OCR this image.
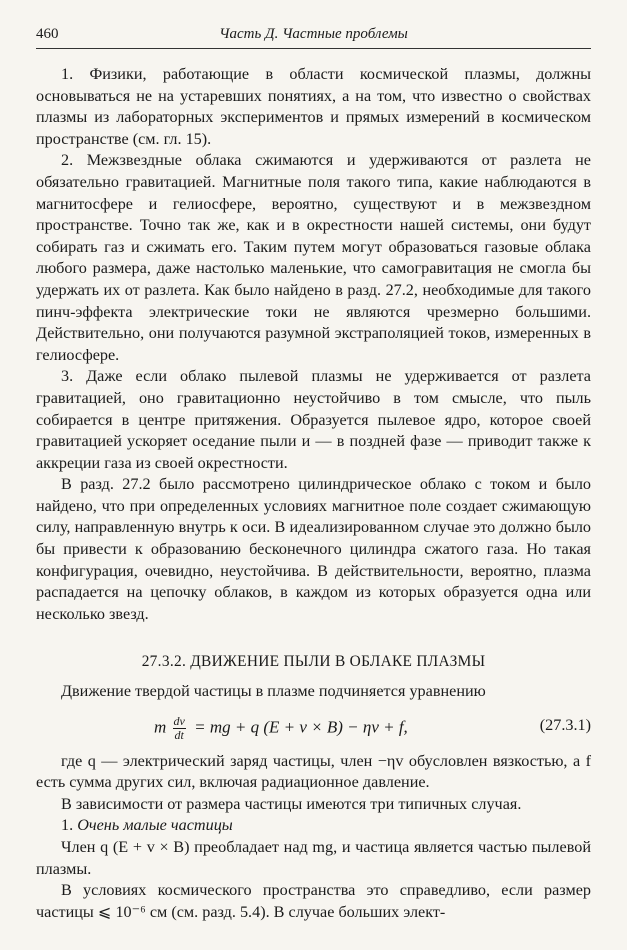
460	Часть Д. Частные проблемы

1. Физики, работающие в области космической плазмы, должны основываться не на устаревших понятиях, а на том, что известно о свойствах плазмы из лабораторных экспериментов и прямых измерений в космическом пространстве (см. гл. 15).

2. Межзвездные облака сжимаются и удерживаются от разлета не обязательно гравитацией. Магнитные поля такого типа, какие наблюдаются в магнитосфере и гелиосфере, вероятно, существуют и в межзвездном пространстве. Точно так же, как и в окрестности нашей системы, они будут собирать газ и сжимать его. Таким путем могут образоваться газовые облака любого размера, даже настолько маленькие, что самогравитация не смогла бы удержать их от разлета. Как было найдено в разд. 27.2, необходимые для такого пинч-эффекта электрические токи не являются чрезмерно большими. Действительно, они получаются разумной экстраполяцией токов, измеренных в гелиосфере.

3. Даже если облако пылевой плазмы не удерживается от разлета гравитацией, оно гравитационно неустойчиво в том смысле, что пыль собирается в центре притяжения. Образуется пылевое ядро, которое своей гравитацией ускоряет оседание пыли и — в поздней фазе — приводит также к аккреции газа из своей окрестности.

В разд. 27.2 было рассмотрено цилиндрическое облако с током и было найдено, что при определенных условиях магнитное поле создает сжимающую силу, направленную внутрь к оси. В идеализированном случае это должно было бы привести к образованию бесконечного цилиндра сжатого газа. Но такая конфигурация, очевидно, неустойчива. В действительности, вероятно, плазма распадается на цепочку облаков, в каждом из которых образуется одна или несколько звезд.

27.3.2. ДВИЖЕНИЕ ПЫЛИ В ОБЛАКЕ ПЛАЗМЫ

Движение твердой частицы в плазме подчиняется уравнению

m $\frac{dv}{dt}$ = mg + q (E + v × B) − ηv + f,	(27.3.1)

где q — электрический заряд частицы, член −ηv обусловлен вязкостью, а f есть сумма других сил, включая радиационное давление.

В зависимости от размера частицы имеются три типичных случая.

1. Очень малые частицы

Член q (E + v × B) преобладает над mg, и частица является частью пылевой плазмы.

В условиях космического пространства это справедливо, если размер частицы ⩽ 10⁻⁶ см (см. разд. 5.4). В случае больших элект-
